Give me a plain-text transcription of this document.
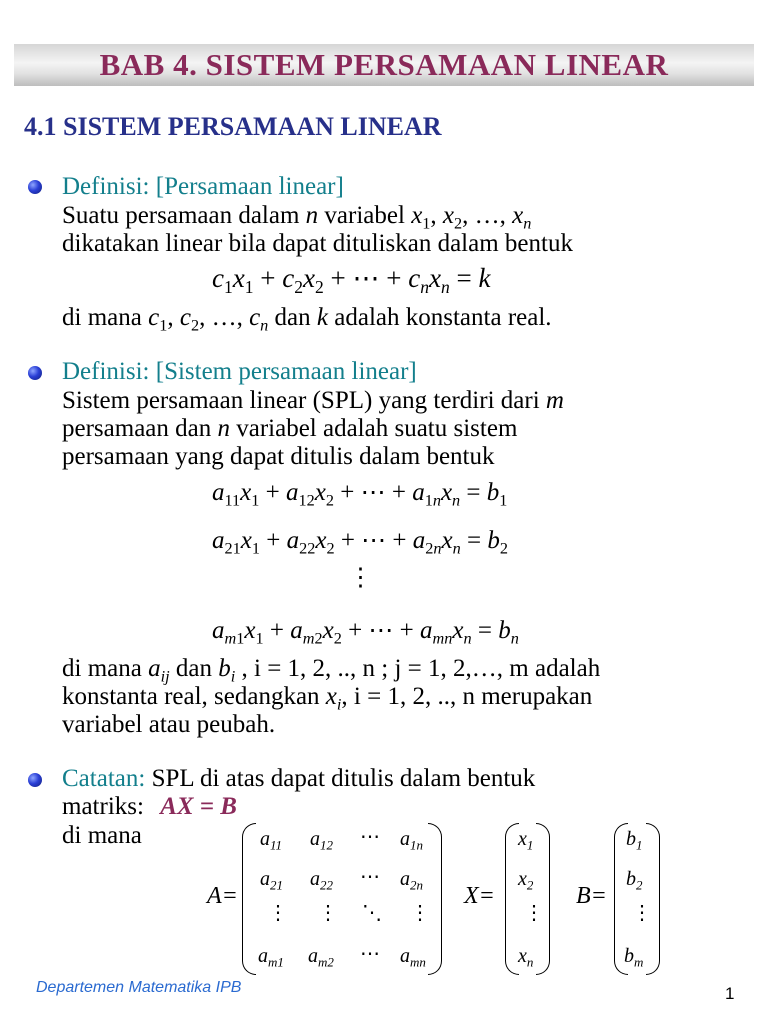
BAB 4. SISTEM PERSAMAAN LINEAR
4.1 SISTEM PERSAMAAN LINEAR
Definisi: [Persamaan linear]
Suatu persamaan dalam n variabel $x_1$, $x_2$, …, $x_n$
dikatakan linear bila dapat dituliskan dalam bentuk
$c_1x_1 + c_2x_2$ + ⋯ + $c_nx_n = k$
di mana $c_1$, $c_2$, …, $c_n$ dan k adalah konstanta real.
Definisi: [Sistem persamaan linear]
Sistem persamaan linear (SPL) yang terdiri dari m
persamaan dan n variabel adalah suatu sistem
persamaan yang dapat ditulis dalam bentuk
$a_{11}x_1 + a_{12}x_2$ + ⋯ + $a_{1n}x_n = b_1$
$a_{21}x_1 + a_{22}x_2$ + ⋯ + $a_{2n}x_n = b_2$
⋮
$a_{m1}x_1 + a_{m2}x_2$ + ⋯ + $a_{mn}x_n = b_n$
di mana $a_{ij}$ dan $b_i$ , i = 1, 2, .., n ; j = 1, 2,…, m adalah
konstanta real, sedangkan $x_i$, i = 1, 2, .., n merupakan
variabel atau peubah.
Catatan: SPL di atas dapat ditulis dalam bentuk
matriks: AX = B
di mana
A=
$a_{11}$ $a_{12}$ ⋯ $a_{1n}$
$a_{21}$ $a_{22}$ ⋯ $a_{2n}$
⋮ ⋮ ⋱ ⋮
$a_{m1}$ $a_{m2}$ ⋯ $a_{mn}$
X=
$x_1$
$x_2$
⋮
$x_n$
B=
$b_1$
$b_2$
⋮
$b_m$
Departemen Matematika IPB	1
